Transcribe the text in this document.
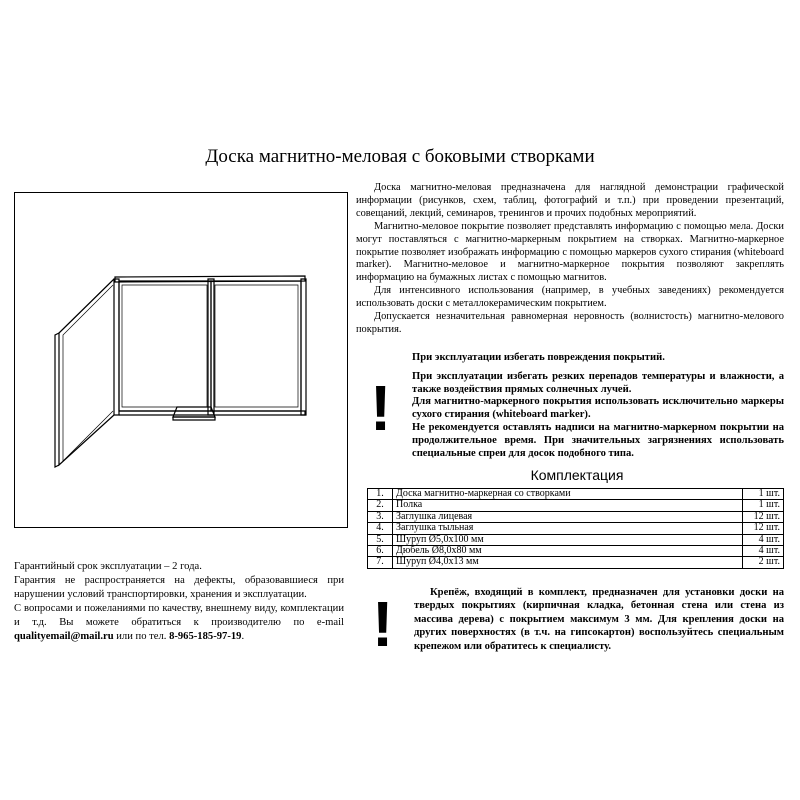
Доска магнитно-меловая с боковыми створками

Доска магнитно-меловая предназначена для наглядной демонстрации графической информации (рисунков, схем, таблиц, фотографий и т.п.) при проведении презентаций, совещаний, лекций, семинаров, тренингов и прочих подобных мероприятий.

Магнитно-меловое покрытие позволяет представлять информацию с помощью мела. Доски могут поставляться с магнитно-маркерным покрытием на створках. Магнитно-маркерное покрытие позволяет изображать информацию с помощью маркеров сухого стирания (whiteboard marker). Магнитно-меловое и магнитно-маркерное покрытия позволяют закреплять информацию на бумажных листах с помощью магнитов.

Для интенсивного использования (например, в учебных заведениях) рекомендуется использовать доски с металлокерамическим покрытием.

Допускается незначительная равномерная неровность (волнистость) магнитно-мелового покрытия.

!

При эксплуатации избегать повреждения покрытий.

При эксплуатации избегать резких перепадов температуры и влажности, а также воздействия прямых солнечных лучей.

Для магнитно-маркерного покрытия использовать исключительно маркеры сухого стирания (whiteboard marker).

Не рекомендуется оставлять надписи на магнитно-маркерном покрытии на продолжительное время. При значительных загрязнениях использовать специальные спреи для досок подобного типа.

Комплектация
1.	Доска магнитно-маркерная со створками	1 шт.
2.	Полка	1 шт.
3.	Заглушка лицевая	12 шт.
4.	Заглушка тыльная	12 шт.
5.	Шуруп Ø5,0х100 мм	4 шт.
6.	Дюбель Ø8,0х80 мм	4 шт.
7.	Шуруп Ø4,0х13 мм	2 шт.

Гарантийный срок эксплуатации – 2 года.

Гарантия не распространяется на дефекты, образовавшиеся при нарушении условий транспортировки, хранения и эксплуатации.

С вопросами и пожеланиями по качеству, внешнему виду, комплектации и т.д. Вы можете обратиться к производителю по e-mail qualityemail@mail.ru или по тел. 8-965-185-97-19.	!	Крепёж, входящий в комплект, предназначен для установки доски на твердых покрытиях (кирпичная кладка, бетонная стена или стена из массива дерева) с покрытием максимум 3 мм. Для крепления доски на других поверхностях (в т.ч. на гипсокартон) воспользуйтесь специальным крепежом или обратитесь к специалисту.
